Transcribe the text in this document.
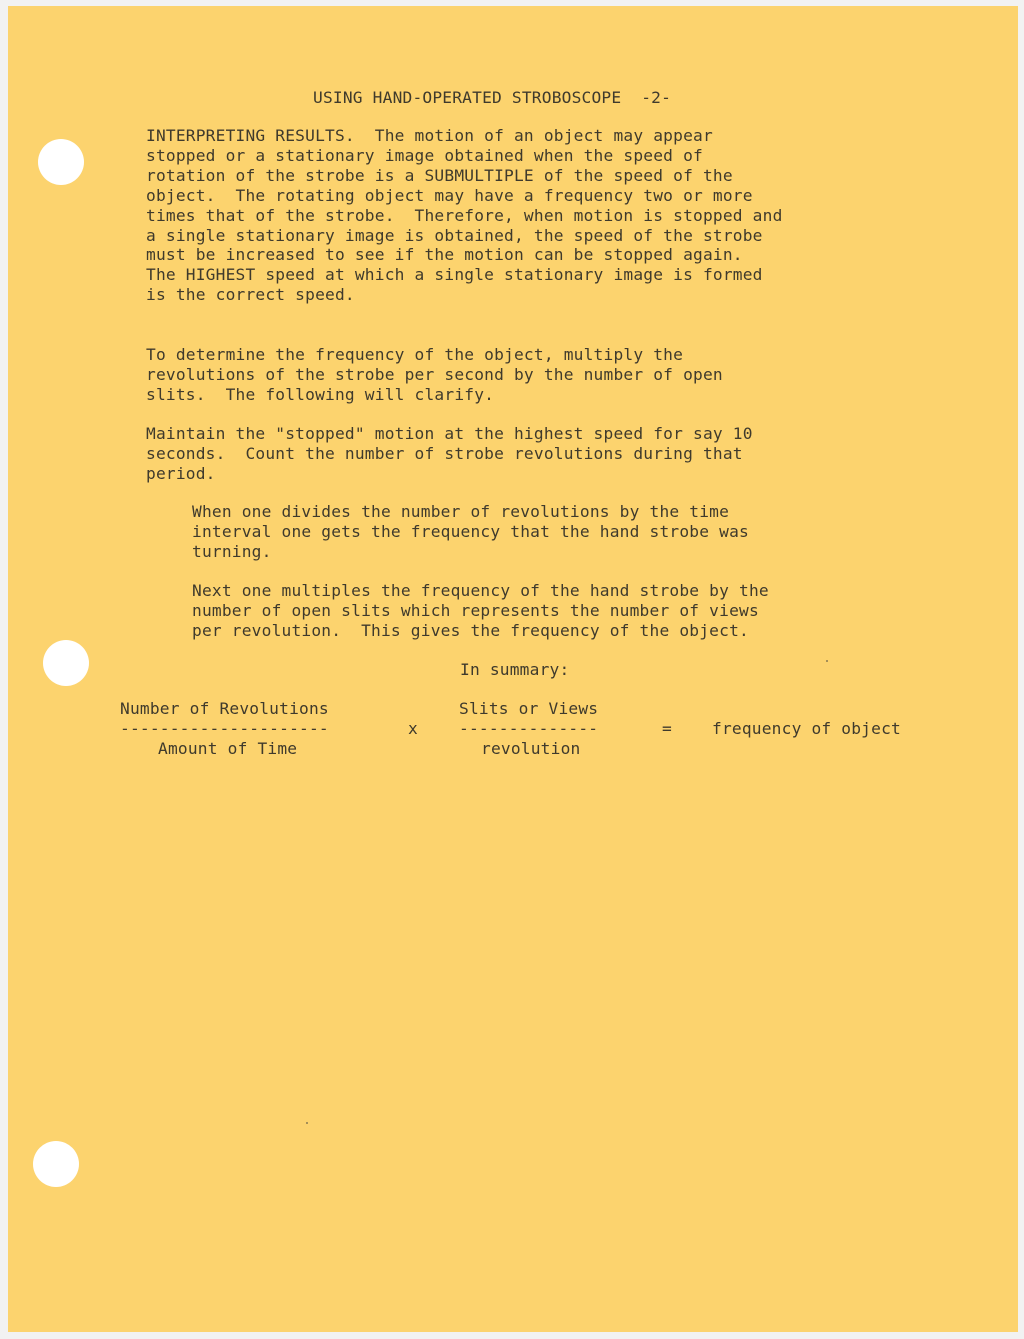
USING HAND-OPERATED STROBOSCOPE  -2-

INTERPRETING RESULTS.  The motion of an object may appear
stopped or a stationary image obtained when the speed of
rotation of the strobe is a SUBMULTIPLE of the speed of the
object.  The rotating object may have a frequency two or more
times that of the strobe.  Therefore, when motion is stopped and
a single stationary image is obtained, the speed of the strobe
must be increased to see if the motion can be stopped again.
The HIGHEST speed at which a single stationary image is formed
is the correct speed.

To determine the frequency of the object, multiply the
revolutions of the strobe per second by the number of open
slits.  The following will clarify.

Maintain the "stopped" motion at the highest speed for say 10
seconds.  Count the number of strobe revolutions during that
period.

When one divides the number of revolutions by the time
interval one gets the frequency that the hand strobe was
turning.

Next one multiples the frequency of the hand strobe by the
number of open slits which represents the number of views
per revolution.  This gives the frequency of the object.

In summary:

Number of Revolutions

---------------------

Amount of Time

x

Slits or Views

--------------

revolution

= frequency of object
